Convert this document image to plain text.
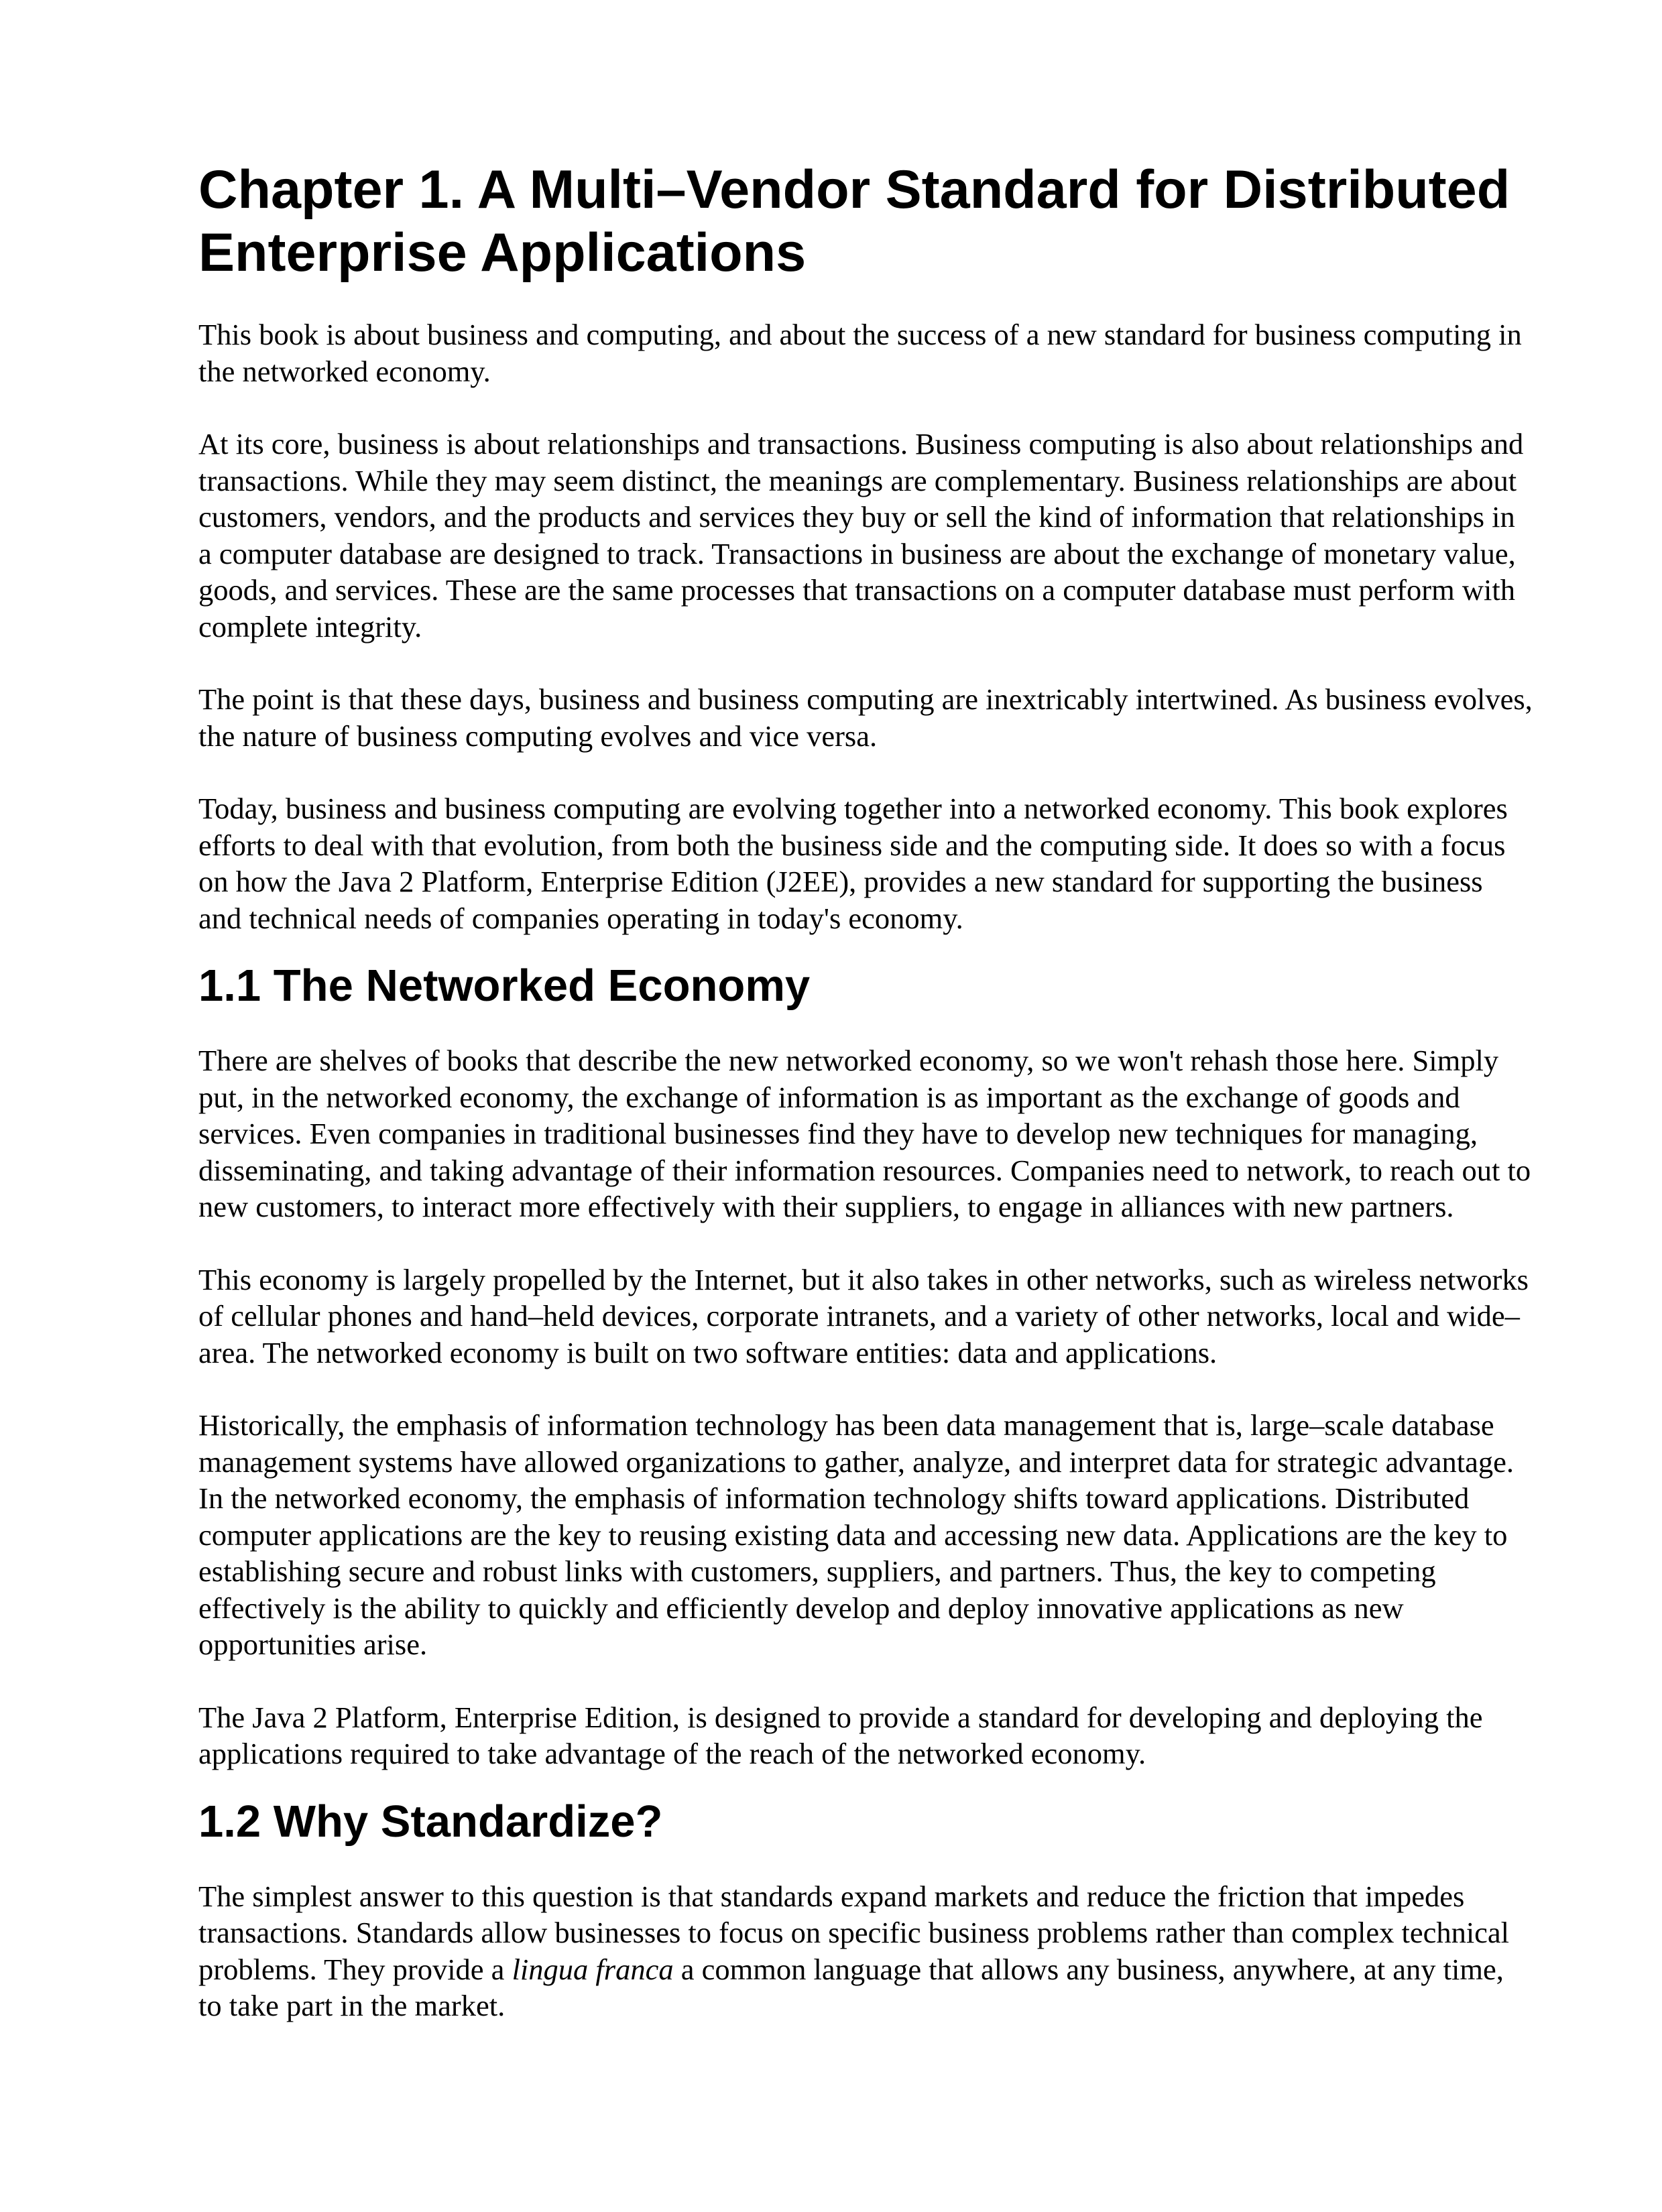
Chapter 1. A Multi–Vendor Standard for Distributed Enterprise Applications

This book is about business and computing, and about the success of a new standard for business computing in the networked economy.

At its core, business is about relationships and transactions. Business computing is also about relationships and transactions. While they may seem distinct, the meanings are complementary. Business relationships are about customers, vendors, and the products and services they buy or sell the kind of information that relationships in a computer database are designed to track. Transactions in business are about the exchange of monetary value, goods, and services. These are the same processes that transactions on a computer database must perform with complete integrity.

The point is that these days, business and business computing are inextricably intertwined. As business evolves, the nature of business computing evolves and vice versa.

Today, business and business computing are evolving together into a networked economy. This book explores efforts to deal with that evolution, from both the business side and the computing side. It does so with a focus on how the Java 2 Platform, Enterprise Edition (J2EE), provides a new standard for supporting the business and technical needs of companies operating in today's economy.

1.1 The Networked Economy

There are shelves of books that describe the new networked economy, so we won't rehash those here. Simply put, in the networked economy, the exchange of information is as important as the exchange of goods and services. Even companies in traditional businesses find they have to develop new techniques for managing, disseminating, and taking advantage of their information resources. Companies need to network, to reach out to new customers, to interact more effectively with their suppliers, to engage in alliances with new partners.

This economy is largely propelled by the Internet, but it also takes in other networks, such as wireless networks of cellular phones and hand–held devices, corporate intranets, and a variety of other networks, local and wide–area. The networked economy is built on two software entities: data and applications.

Historically, the emphasis of information technology has been data management that is, large–scale database management systems have allowed organizations to gather, analyze, and interpret data for strategic advantage. In the networked economy, the emphasis of information technology shifts toward applications. Distributed computer applications are the key to reusing existing data and accessing new data. Applications are the key to establishing secure and robust links with customers, suppliers, and partners. Thus, the key to competing effectively is the ability to quickly and efficiently develop and deploy innovative applications as new opportunities arise.

The Java 2 Platform, Enterprise Edition, is designed to provide a standard for developing and deploying the applications required to take advantage of the reach of the networked economy.

1.2 Why Standardize?

The simplest answer to this question is that standards expand markets and reduce the friction that impedes transactions. Standards allow businesses to focus on specific business problems rather than complex technical problems. They provide a lingua franca a common language that allows any business, anywhere, at any time, to take part in the market.
